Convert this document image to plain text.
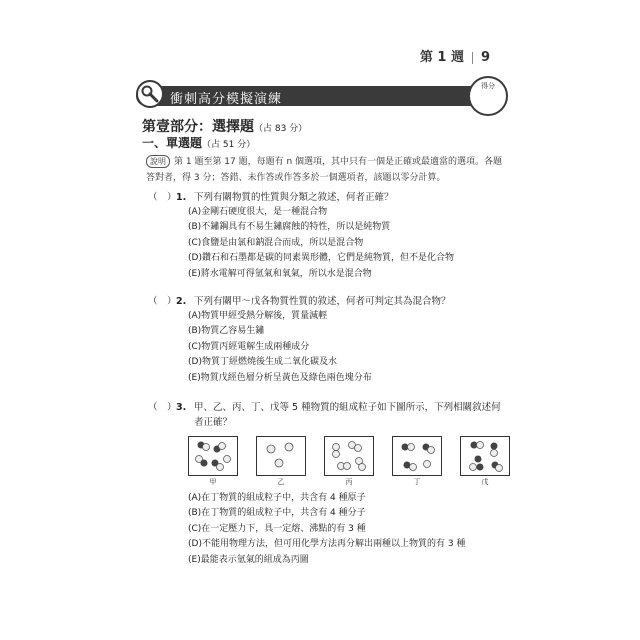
第 1 週 9
衝刺高分模擬演練
得分
第壹部分：選擇題（占 83 分）
一、單選題（占 51 分）
說明 第 1 題至第 17 題，每題有 n 個選項，其中只有一個是正確或最適當的選項。各題答對者，得 3 分；答錯、未作答或作答多於一個選項者，該題以零分計算。
（　） 1. 下列有關物質的性質與分類之敘述，何者正確？
(A)金剛石硬度很大，是一種混合物
(B)不鏽鋼具有不易生鏽腐蝕的特性，所以是純物質
(C)食鹽是由氯和鈉混合而成，所以是混合物
(D)鑽石和石墨都是碳的同素異形體，它們是純物質，但不是化合物
(E)將水電解可得氫氣和氧氣，所以水是混合物
（　） 2. 下列有關甲～戊各物質性質的敘述，何者可判定其為混合物？
(A)物質甲經受熱分解後，質量減輕
(B)物質乙容易生鏽
(C)物質丙經電解生成兩種成分
(D)物質丁經燃燒後生成二氧化碳及水
(E)物質戊經色層分析呈黃色及綠色兩色塊分布
（　） 3. 甲、乙、丙、丁、戊等 5 種物質的組成粒子如下圖所示，下列相關敘述何者正確？
甲	乙	丙	丁	戊
(A)在丁物質的組成粒子中，共含有 4 種原子
(B)在丁物質的組成粒子中，共含有 4 種分子
(C)在一定壓力下，具一定熔、沸點的有 3 種
(D)不能用物理方法，但可用化學方法再分解出兩種以上物質的有 3 種
(E)最能表示氫氣的組成為丙圖
